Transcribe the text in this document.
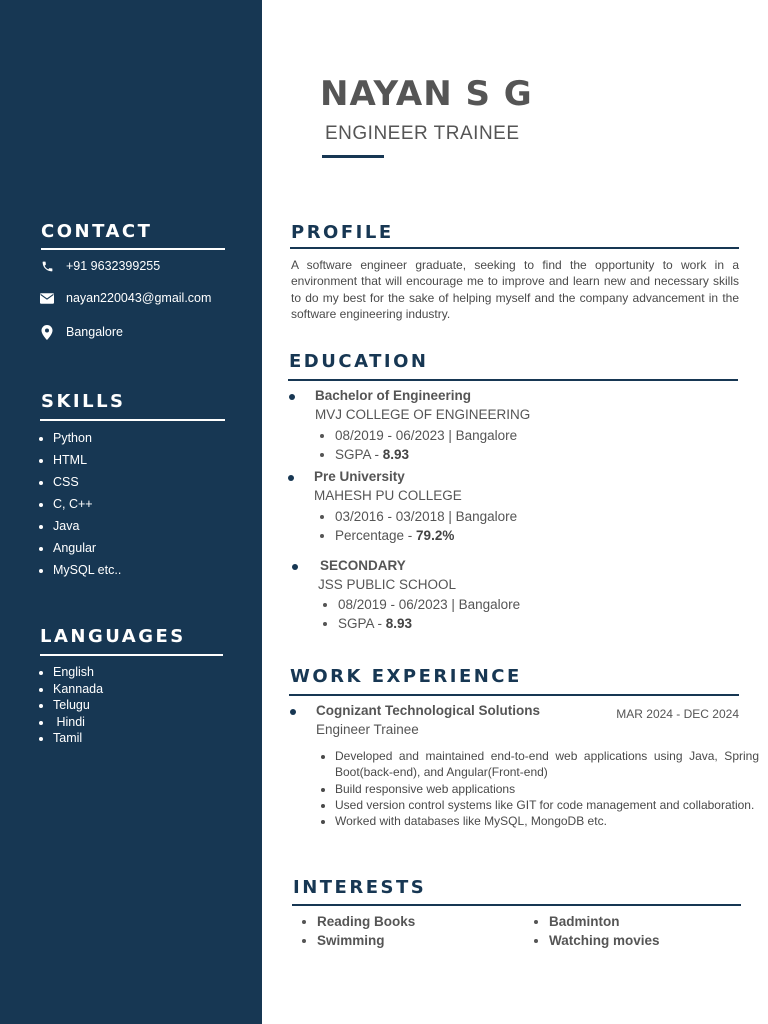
CONTACT
+91 9632399255
nayan220043@gmail.com
Bangalore
SKILLS
• Python
• HTML
• CSS
• C, C++
• Java
• Angular
• MySQL etc..
LANGUAGES
• English
• Kannada
• Telugu
•  Hindi
• Tamil
NAYAN S G
ENGINEER TRAINEE
PROFILE

A software engineer graduate, seeking to find the opportunity to work in a environment that will encourage me to improve and learn new and necessary skills to do my best for the sake of helping myself and the company advancement in the software engineering industry.

EDUCATION
Bachelor of Engineering
MVJ COLLEGE OF ENGINEERING
• 08/2019 - 06/2023 | Bangalore
• SGPA - 8.93
Pre University
MAHESH PU COLLEGE
• 03/2016 - 03/2018 | Bangalore
• Percentage - 79.2%
SECONDARY
JSS PUBLIC SCHOOL
• 08/2019 - 06/2023 | Bangalore
• SGPA - 8.93
WORK EXPERIENCE
Cognizant Technological Solutions	MAR 2024 - DEC 2024
Engineer Trainee
• Developed and maintained end-to-end web applications using Java, Spring Boot(back-end), and Angular(Front-end)
• Build responsive web applications
• Used version control systems like GIT for code management and collaboration.
• Worked with databases like MySQL, MongoDB etc.
INTERESTS
• Reading Books
• Swimming
• Badminton
• Watching movies
